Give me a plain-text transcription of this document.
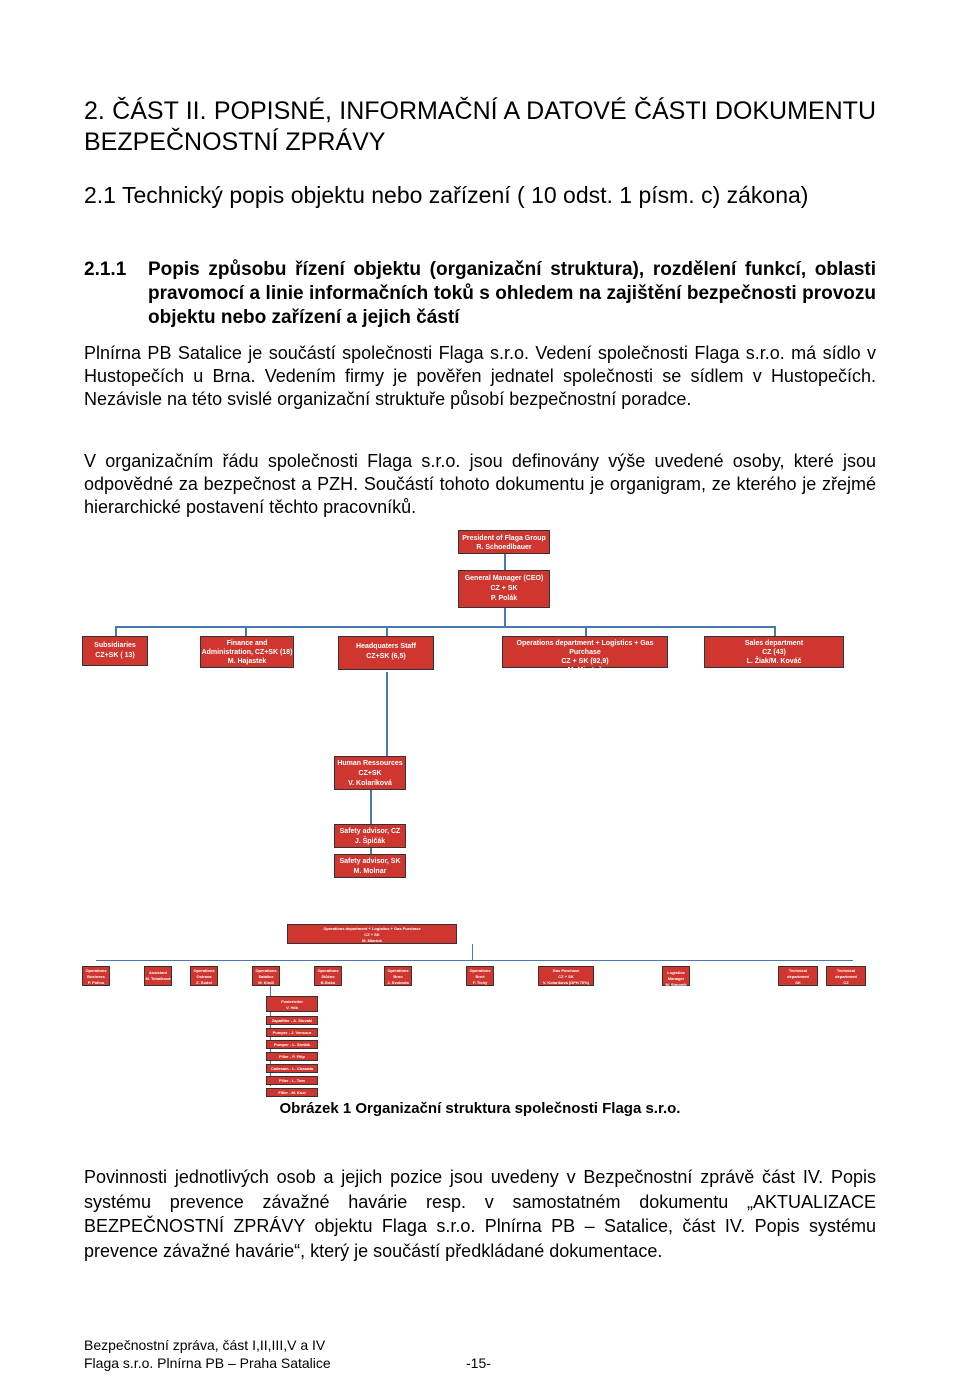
2. ČÁST II. POPISNÉ, INFORMAČNÍ A DATOVÉ ČÁSTI DOKUMENTU BEZPEČNOSTNÍ ZPRÁVY
2.1 Technický popis objektu nebo zařízení ( 10 odst. 1 písm. c) zákona)
2.1.1 Popis způsobu řízení objektu (organizační struktura), rozdělení funkcí, oblasti pravomocí a linie informačních toků s ohledem na zajištění bezpečnosti provozu objektu nebo zařízení a jejich částí
Plnírna PB Satalice je součástí společnosti Flaga s.r.o. Vedení společnosti Flaga s.r.o. má sídlo v Hustopečích u Brna. Vedením firmy je pověřen jednatel společnosti se sídlem v Hustopečích. Nezávisle na této svislé organizační struktuře působí bezpečnostní poradce.
V organizačním řádu společnosti Flaga s.r.o. jsou definovány výše uvedené osoby, které jsou odpovědné za bezpečnost a PZH. Součástí tohoto dokumentu je organigram, ze kterého je zřejmé hierarchické postavení těchto pracovníků.
President of Flaga Group
R. Schoedlbauer
General Manager (CEO)
CZ + SK
P. Polák
Subsidiaries
CZ+SK ( 13)
Finance and
Administration, CZ+SK (18)
M. Hajastek
Headquaters Staff
CZ+SK (6,5)
Operations department + Logistics + Gas Purchase
CZ + SK (92,9)
M. Miartuš
Sales department
CZ (43)
L. Žiak/M. Kováč
Human Ressources
CZ+SK
V. Kolaríková
Safety advisor, CZ
J. Špičák
Safety advisor, SK
M. Molnar
Operations department + Logistics + Gas Purchase
CZ + SK
M. Miartuš
Operations
Business
P. Pollno
Assistant
M. Tohalková
Operations
Ostrava
Z. Sodol
Operations
Satalice
M. Kindl
Operations
Stůžno
B.Sisko
Operations
Brno
J. Svoboda
Operations
Brně
F. Tichý
Gas Purchase
CZ + SK
V. Kolaríková (DPH 70%)
Logistics Manager
M. Simoník
Technical department
SK
R. Havel
Technical department
CZ
J. Pavlíček
Fosterleiter
V. Hilk
Zapafilter - A. Slovaki
Pumper - J. Vencour
Pumper - L. Stefáik
Filler - P. Filip
Cadesam - L. Chawala
Filler - L. Tom
Filler - M. Kuci
Obrázek 1 Organizační struktura společnosti Flaga s.r.o.
Povinnosti jednotlivých osob a jejich pozice jsou uvedeny v Bezpečnostní zprávě část IV. Popis systému prevence závažné havárie resp. v samostatném dokumentu „AKTUALIZACE BEZPEČNOSTNÍ ZPRÁVY objektu Flaga s.r.o. Plnírna PB – Satalice, část IV. Popis systému prevence závažné havárie“, který je součástí předkládané dokumentace.
Bezpečnostní zpráva, část I,II,III,V a IV
Flaga s.r.o. Plnírna PB – Praha Satalice	-15-
